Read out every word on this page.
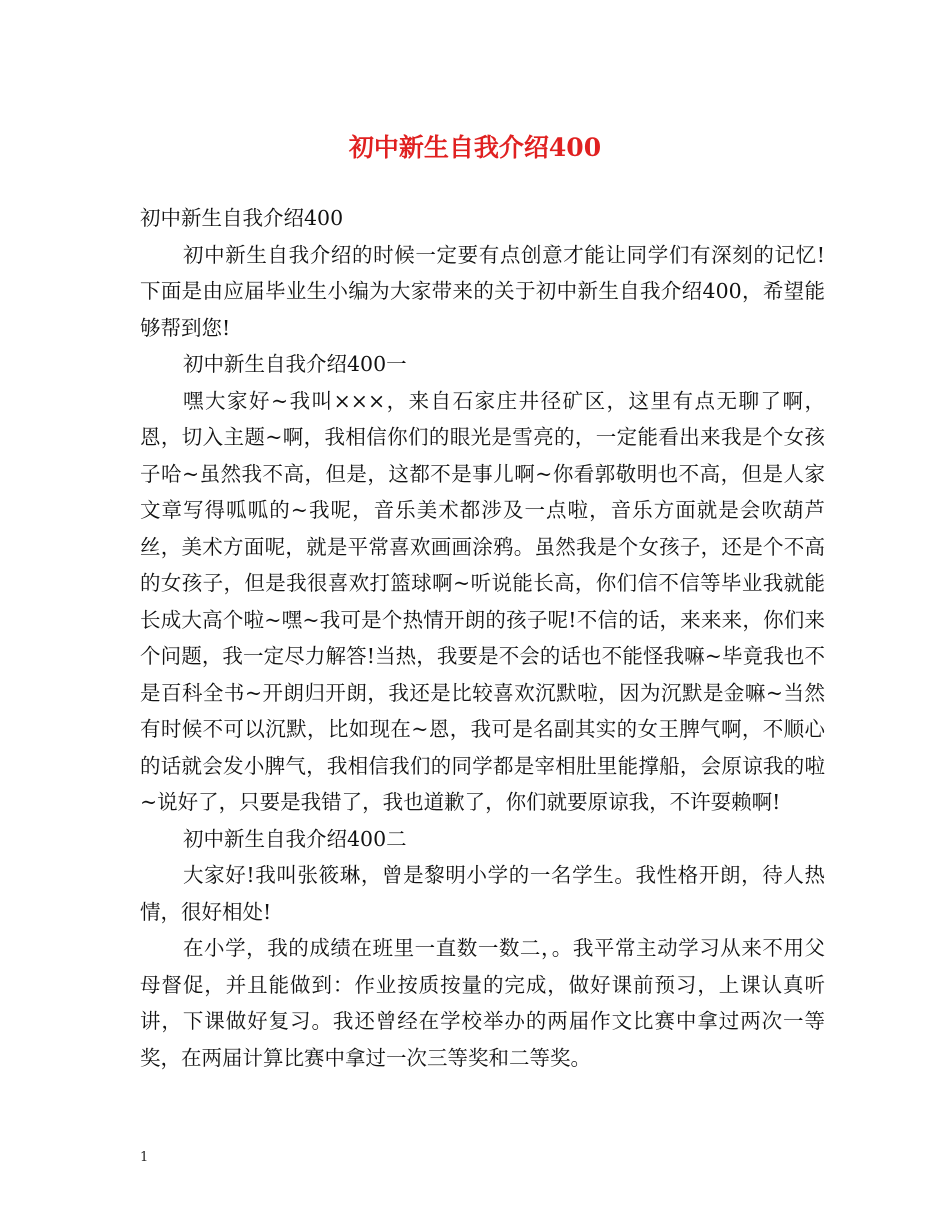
初中新生自我介绍400

初中新生自我介绍400

初中新生自我介绍的时候一定要有点创意才能让同学们有深刻的记忆!下面是由应届毕业生小编为大家带来的关于初中新生自我介绍400，希望能够帮到您!

初中新生自我介绍400一

嘿大家好~我叫×××，来自石家庄井径矿区，这里有点无聊了啊，恩，切入主题~啊，我相信你们的眼光是雪亮的，一定能看出来我是个女孩子哈~虽然我不高，但是，这都不是事儿啊~你看郭敬明也不高，但是人家文章写得呱呱的~我呢，音乐美术都涉及一点啦，音乐方面就是会吹葫芦丝，美术方面呢，就是平常喜欢画画涂鸦。虽然我是个女孩子，还是个不高的女孩子，但是我很喜欢打篮球啊~听说能长高，你们信不信等毕业我就能长成大高个啦~嘿~我可是个热情开朗的孩子呢!不信的话，来来来，你们来个问题，我一定尽力解答!当热，我要是不会的话也不能怪我嘛~毕竟我也不是百科全书~开朗归开朗，我还是比较喜欢沉默啦，因为沉默是金嘛~当然有时候不可以沉默，比如现在~恩，我可是名副其实的女王脾气啊，不顺心的话就会发小脾气，我相信我们的同学都是宰相肚里能撑船，会原谅我的啦~说好了，只要是我错了，我也道歉了，你们就要原谅我，不许耍赖啊!

初中新生自我介绍400二

大家好!我叫张筱琳，曾是黎明小学的一名学生。我性格开朗，待人热情，很好相处!

在小学，我的成绩在班里一直数一数二，。我平常主动学习从来不用父母督促，并且能做到：作业按质按量的完成，做好课前预习，上课认真听讲，下课做好复习。我还曾经在学校举办的两届作文比赛中拿过两次一等奖，在两届计算比赛中拿过一次三等奖和二等奖。

1
